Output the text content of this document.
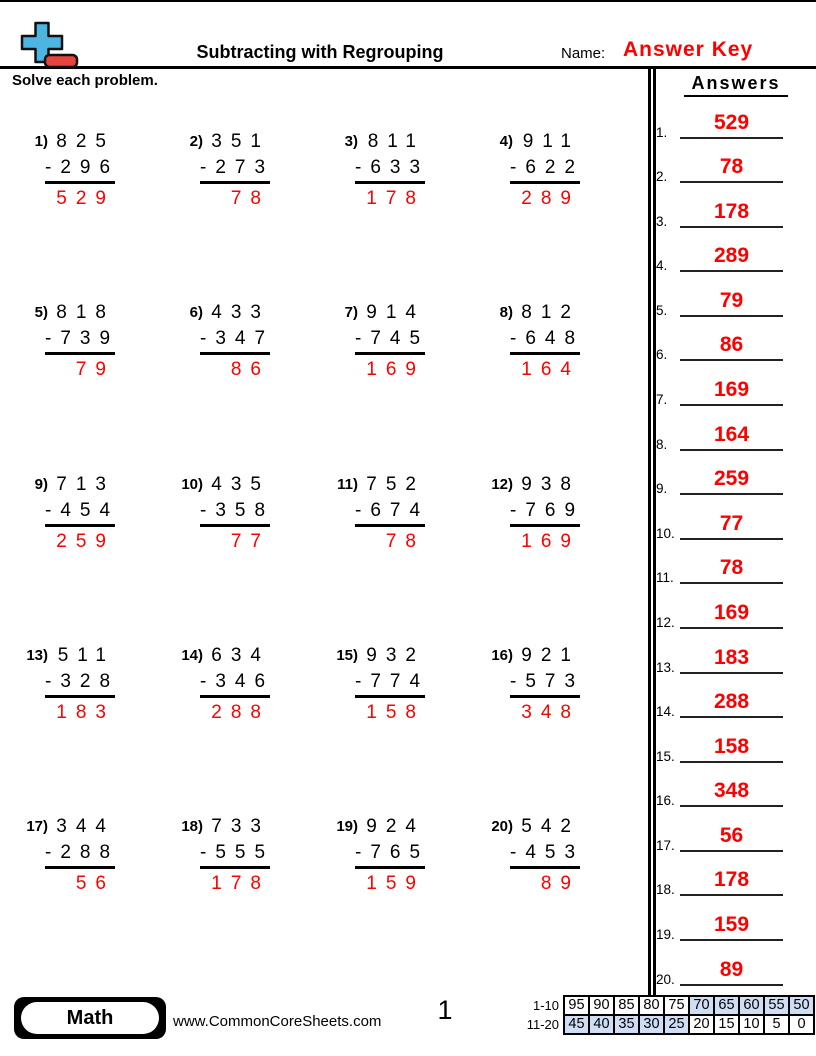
Subtracting with Regrouping	Name: Answer Key
Solve each problem.
1) 825
-296
529
2) 351
-273
78
3) 811
-633
178
4) 911
-622
289
5) 818
-739
79
6) 433
-347
86
7) 914
-745
169
8) 812
-648
164
9) 713
-454
259
10) 435
-358
77
11) 752
-674
78
12) 938
-769
169
13) 511
-328
183
14) 634
-346
288
15) 932
-774
158
16) 921
-573
348
17) 344
-288
56
18) 733
-555
178
19) 924
-765
159
20) 542
-453
89
Answers
1.	529
2.	78
3.	178
4.	289
5.	79
6.	86
7.	169
8.	164
9.	259
10.	77
11.	78
12.	169
13.	183
14.	288
15.	158
16.	348
17.	56
18.	178
19.	159
20.	89
Math	www.CommonCoreSheets.com	1	1-10 95 90 85 80 75 70 65 60 55 50
11-20 45 40 35 30 25 20 15 10 5	0
